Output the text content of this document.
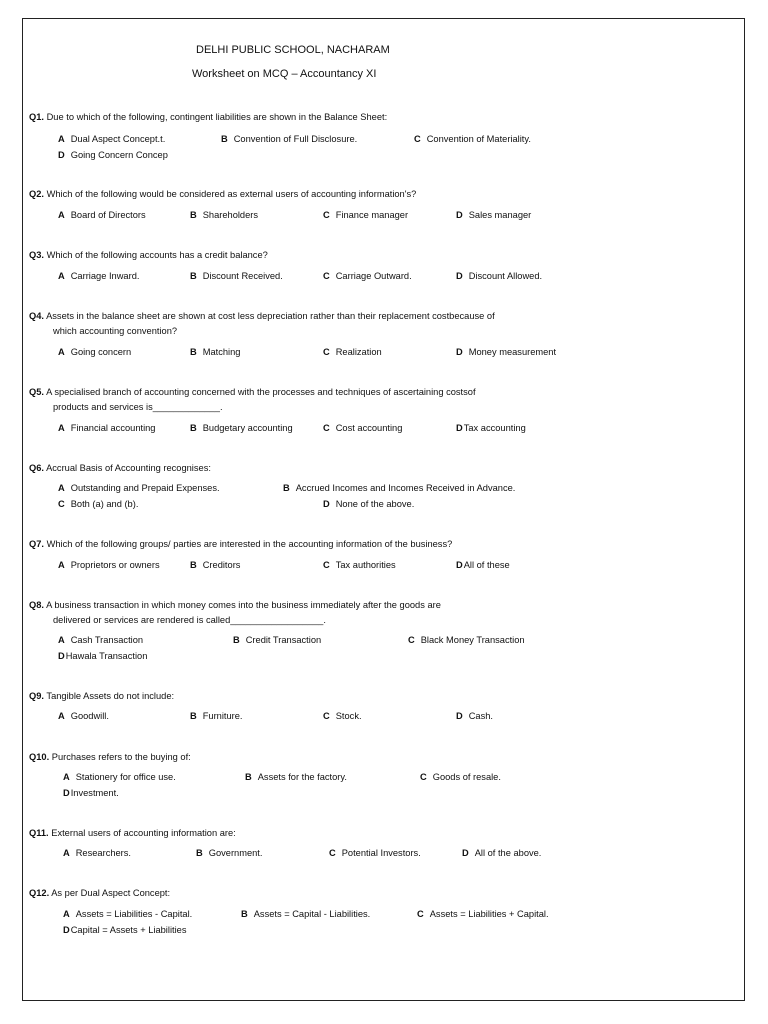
DELHI PUBLIC SCHOOL, NACHARAM
Worksheet on MCQ – Accountancy XI
Q1. Due to which of the following, contingent liabilities are shown in the Balance Sheet:
A Dual Aspect Concept.t.	B Convention of Full Disclosure.	C Convention of Materiality.
D Going Concern Concep
Q2. Which of the following would be considered as external users of accounting information's?
A Board of Directors	B Shareholders	C Finance manager	D Sales manager
Q3. Which of the following accounts has a credit balance?
A Carriage Inward.	B Discount Received.	C Carriage Outward.	D Discount Allowed.
Q4. Assets in the balance sheet are shown at cost less depreciation rather than their replacement costbecause of
which accounting convention?
A Going concern	B Matching	C Realization	D Money measurement
Q5. A specialised branch of accounting concerned with the processes and techniques of ascertaining costsof
products and services is_____________.
A Financial accounting	B Budgetary accounting	C Cost accounting	DTax accounting
Q6. Accrual Basis of Accounting recognises:
A Outstanding and Prepaid Expenses.	B Accrued Incomes and Incomes Received in Advance.
C Both (a) and (b).	D None of the above.
Q7. Which of the following groups/ parties are interested in the accounting information of the business?
A Proprietors or owners	B Creditors	C Tax authorities	DAll of these
Q8. A business transaction in which money comes into the business immediately after the goods are
delivered or services are rendered is called__________________.
A Cash Transaction	B Credit Transaction	C Black Money Transaction
DHawala Transaction
Q9. Tangible Assets do not include:
A Goodwill.	B Furniture.	C Stock.	D Cash.
Q10. Purchases refers to the buying of:
A Stationery for office use.	B Assets for the factory.	C Goods of resale.
DInvestment.
Q11. External users of accounting information are:
A Researchers.	B Government.	C Potential Investors.	D All of the above.
Q12. As per Dual Aspect Concept:
A Assets = Liabilities - Capital.	B Assets = Capital - Liabilities.	C Assets = Liabilities + Capital.
DCapital = Assets + Liabilities
